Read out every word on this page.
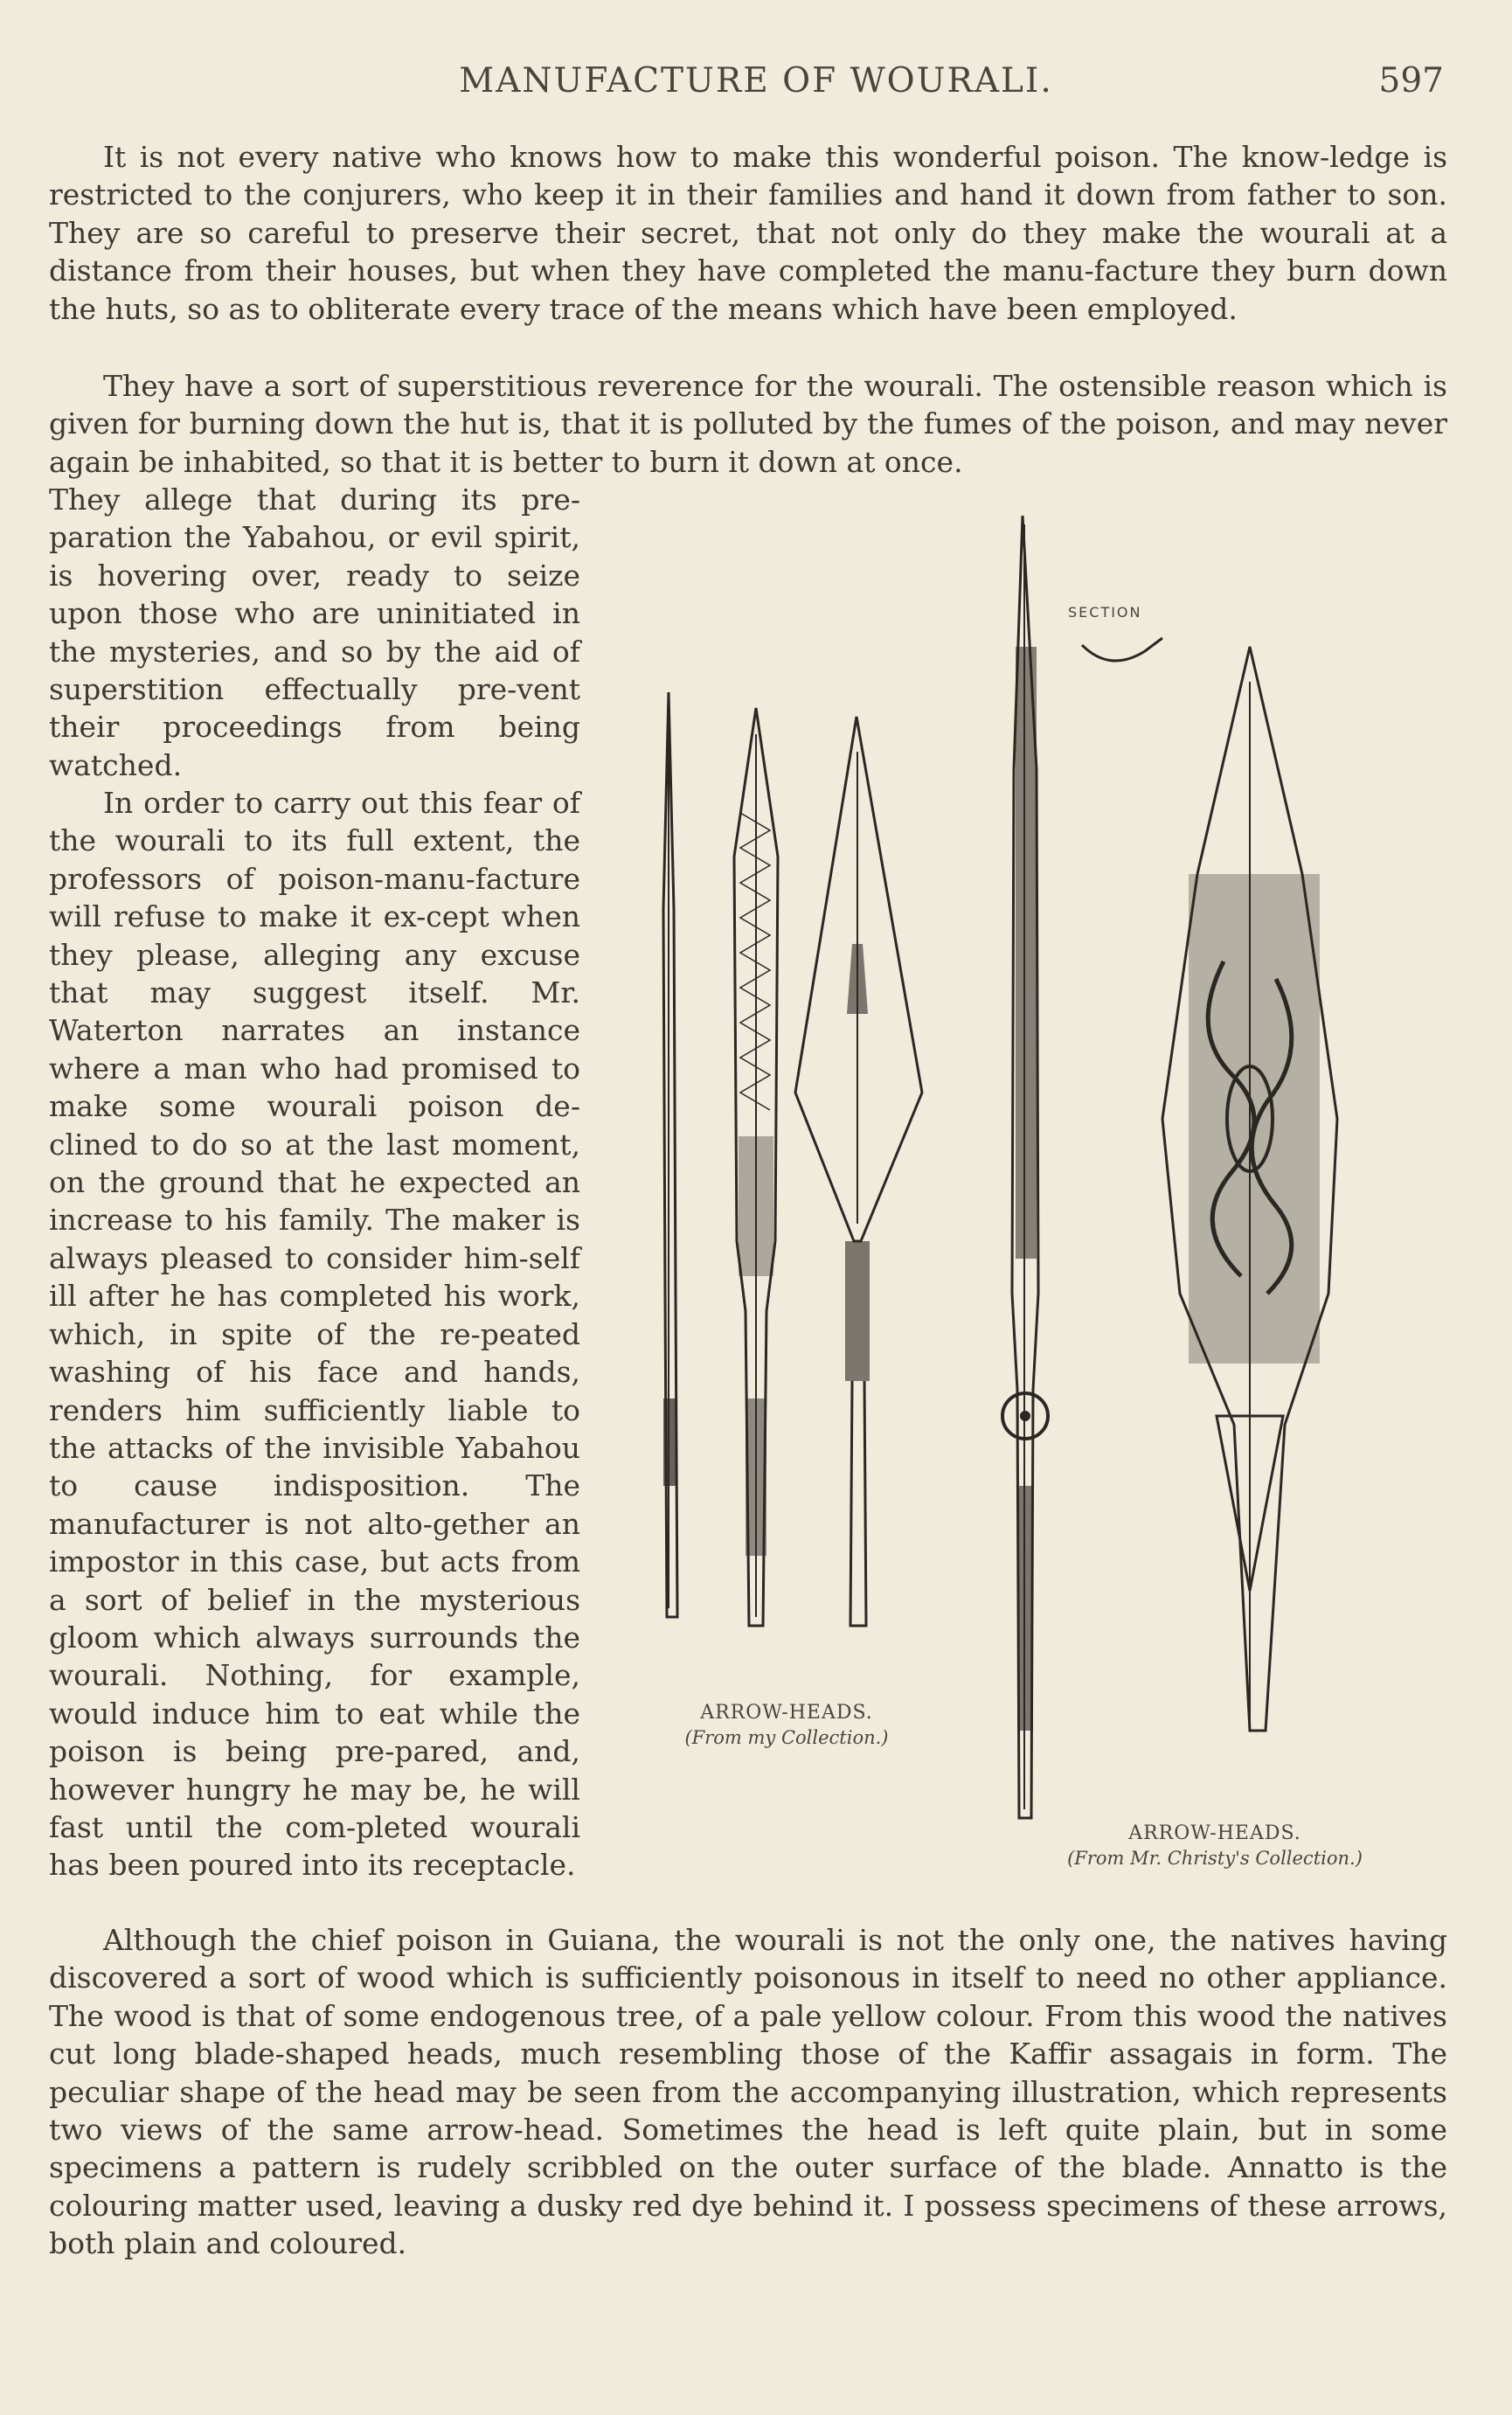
MANUFACTURE OF WOURALI.	597

It is not every native who knows how to make this wonderful poison. The know-ledge is restricted to the conjurers, who keep it in their families and hand it down from father to son. They are so careful to preserve their secret, that not only do they make the wourali at a distance from their houses, but when they have completed the manu-facture they burn down the huts, so as to obliterate every trace of the means which have been employed.

They have a sort of superstitious reverence for the wourali. The ostensible reason which is given for burning down the hut is, that it is polluted by the fumes of the poison, and may never again be inhabited, so that it is better to burn it down at once.

They allege that during its pre-paration the Yabahou, or evil spirit, is hovering over, ready to seize upon those who are uninitiated in the mysteries, and so by the aid of superstition effectually pre-vent their proceedings from being watched.

In order to carry out this fear of the wourali to its full extent, the professors of poison-manu-facture will refuse to make it ex-cept when they please, alleging any excuse that may suggest itself. Mr. Waterton narrates an instance where a man who had promised to make some wourali poison de-clined to do so at the last moment, on the ground that he expected an increase to his family. The maker is always pleased to consider him-self ill after he has completed his work, which, in spite of the re-peated washing of his face and hands, renders him sufficiently liable to the attacks of the invisible Yabahou to cause indisposition. The manufacturer is not alto-gether an impostor in this case, but acts from a sort of belief in the mysterious gloom which always surrounds the wourali. Nothing, for example, would induce him to eat while the poison is being pre-pared, and, however hungry he may be, he will fast until the com-pleted wourali has been poured into its receptacle.

Although the chief poison in Guiana, the wourali is not the only one, the natives having discovered a sort of wood which is sufficiently poisonous in itself to need no other appliance. The wood is that of some endogenous tree, of a pale yellow colour. From this wood the natives cut long blade-shaped heads, much resembling those of the Kaffir assagais in form. The peculiar shape of the head may be seen from the accompanying illustration, which represents two views of the same arrow-head. Sometimes the head is left quite plain, but in some specimens a pattern is rudely scribbled on the outer surface of the blade. Annatto is the colouring matter used, leaving a dusky red dye behind it. I possess specimens of these arrows, both plain and coloured.

ARROW-HEADS.
(From my Collection.)
SECTION
ARROW-HEADS.
(From Mr. Christy's Collection.)
